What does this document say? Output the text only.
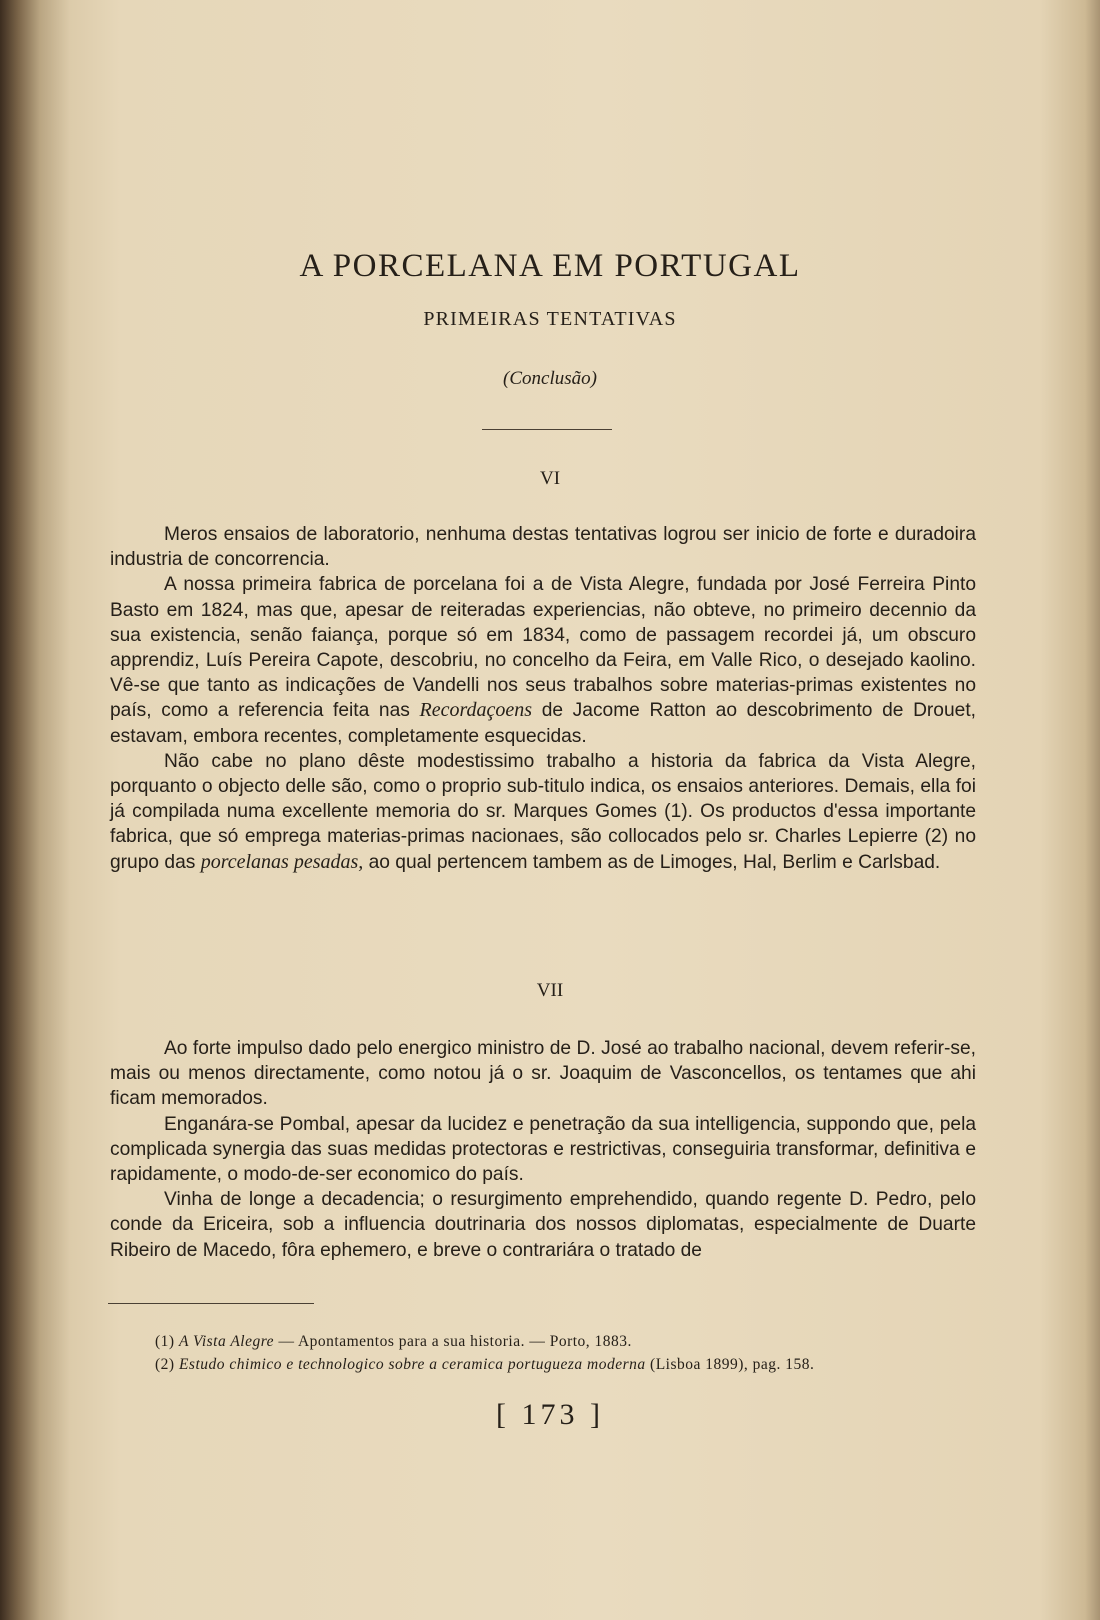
A PORCELANA EM PORTUGAL
PRIMEIRAS TENTATIVAS
(Conclusão)
VI

Meros ensaios de laboratorio, nenhuma destas tentativas logrou ser inicio de forte e duradoira industria de concorrencia.

A nossa primeira fabrica de porcelana foi a de Vista Alegre, fundada por José Ferreira Pinto Basto em 1824, mas que, apesar de reiteradas experiencias, não obteve, no primeiro decennio da sua existencia, senão faiança, porque só em 1834, como de passagem recordei já, um obscuro apprendiz, Luís Pereira Capote, descobriu, no concelho da Feira, em Valle Rico, o desejado kaolino. Vê-se que tanto as indicações de Vandelli nos seus trabalhos sobre materias-primas existentes no país, como a referencia feita nas Recordaçoens de Jacome Ratton ao descobrimento de Drouet, estavam, embora recentes, completamente esquecidas.

Não cabe no plano dêste modestissimo trabalho a historia da fabrica da Vista Alegre, porquanto o objecto delle são, como o proprio sub-titulo indica, os ensaios anteriores. Demais, ella foi já compilada numa excellente memoria do sr. Marques Gomes (1). Os productos d'essa importante fabrica, que só emprega materias-primas nacionaes, são collocados pelo sr. Charles Lepierre (2) no grupo das porcelanas pesadas, ao qual pertencem tambem as de Limoges, Hal, Berlim e Carlsbad.

VII

Ao forte impulso dado pelo energico ministro de D. José ao trabalho nacional, devem referir-se, mais ou menos directamente, como notou já o sr. Joaquim de Vasconcellos, os tentames que ahi ficam memorados.

Enganára-se Pombal, apesar da lucidez e penetração da sua intelligencia, suppondo que, pela complicada synergia das suas medidas protectoras e restrictivas, conseguiria transformar, definitiva e rapidamente, o modo-de-ser economico do país.

Vinha de longe a decadencia; o resurgimento emprehendido, quando regente D. Pedro, pelo conde da Ericeira, sob a influencia doutrinaria dos nossos diplomatas, especialmente de Duarte Ribeiro de Macedo, fôra ephemero, e breve o contrariára o tratado de

(1) A Vista Alegre — Apontamentos para a sua historia. — Porto, 1883.
(2) Estudo chimico e technologico sobre a ceramica portugueza moderna (Lisboa 1899), pag. 158.
[ 173 ]
